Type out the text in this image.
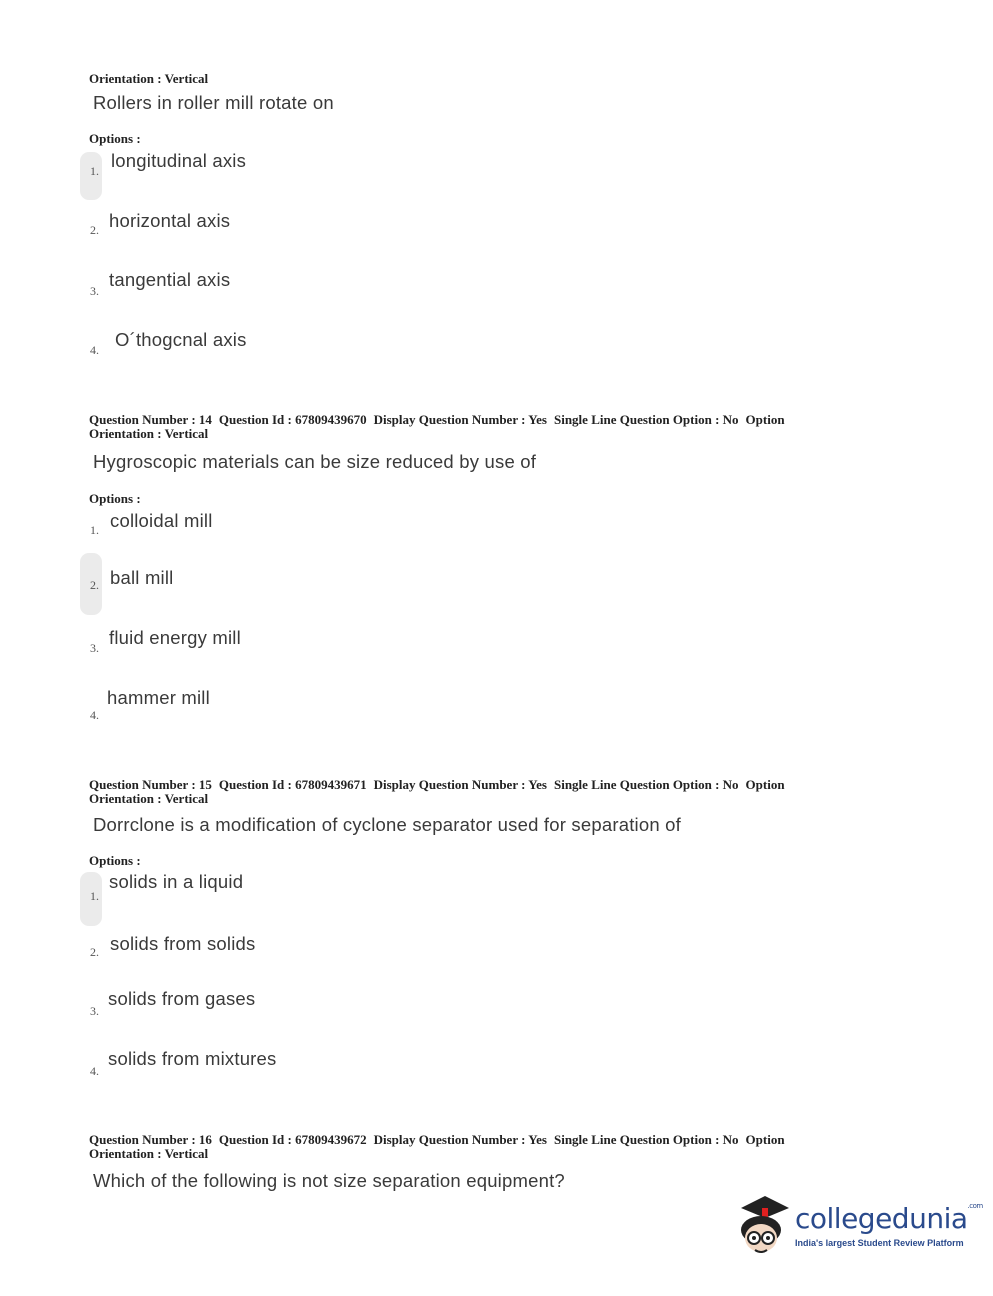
Orientation : Vertical
Rollers in roller mill rotate on
Options :
1. longitudinal axis
2. horizontal axis
3.
tangential axis
4. O´thogcnal axis
Question Number : 14 Question Id : 67809439670 Display Question Number : Yes Single Line Question Option : No Option
Orientation : Vertical
Hygroscopic materials can be size reduced by use of
Options :
1. colloidal mill
2. ball mill
3. fluid energy mill
4.
hammer mill
Question Number : 15 Question Id : 67809439671 Display Question Number : Yes Single Line Question Option : No Option
Orientation : Vertical
Dorrclone is a modification of cyclone separator used for separation of
Options :
1.
solids in a liquid
2. solids from solids
3.
solids from gases
4.
solids from mixtures
Question Number : 16 Question Id : 67809439672 Display Question Number : Yes Single Line Question Option : No Option
Orientation : Vertical
Which of the following is not size separation equipment?
collegedunia$^{.com}$
India's largest Student Review Platform
